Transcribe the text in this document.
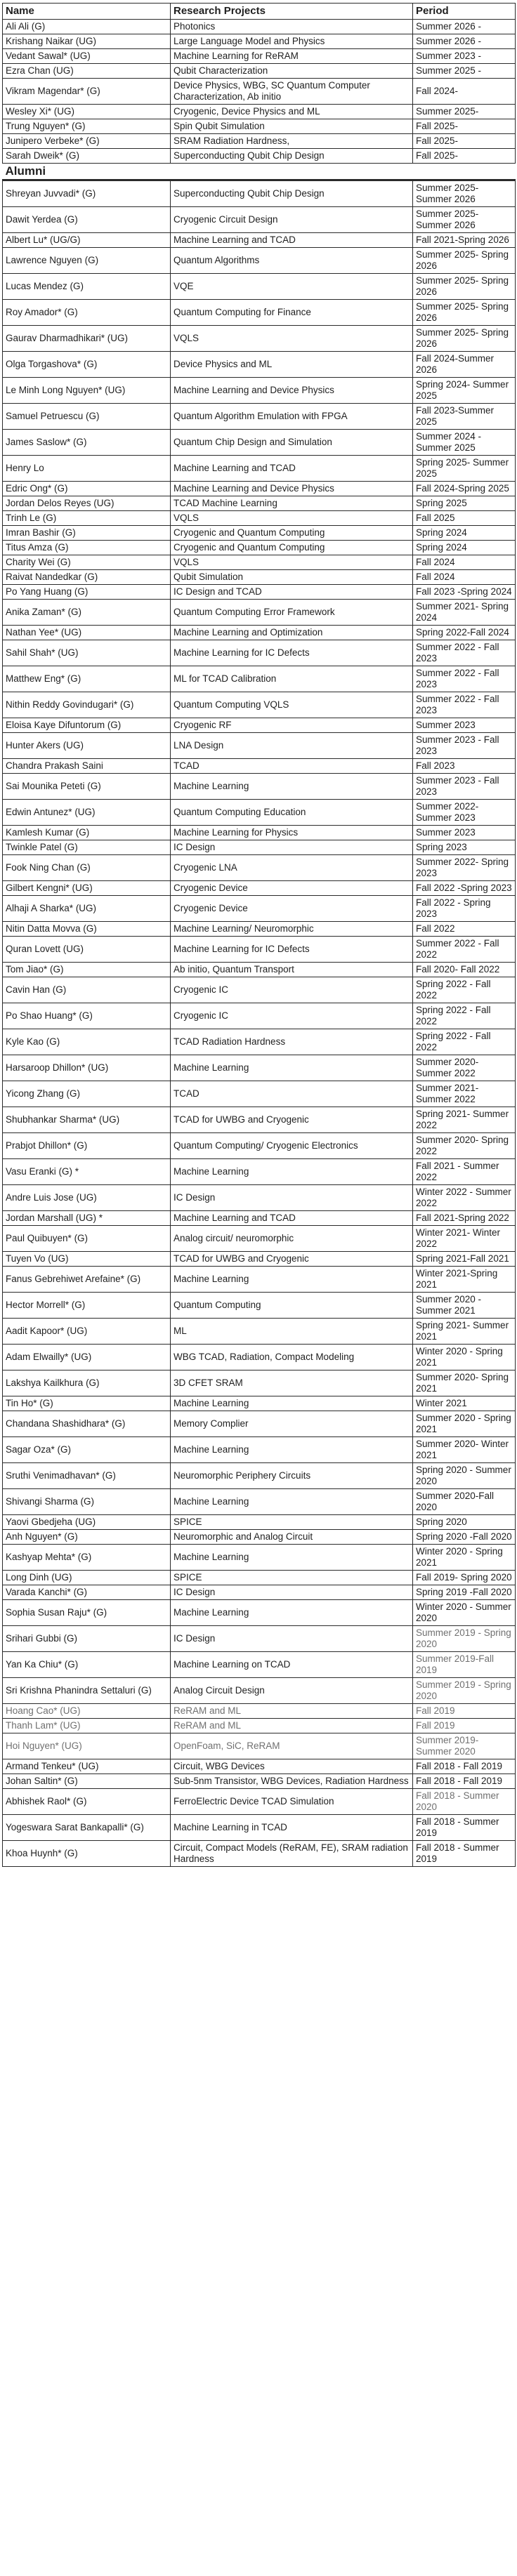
Name	Research Projects	Period
Ali Ali (G)	Photonics	Summer 2026 -
Krishang Naikar (UG)	Large Language Model and Physics	Summer 2026 -
Vedant Sawal* (UG)	Machine Learning for ReRAM	Summer 2023 -
Ezra Chan (UG)	Qubit Characterization	Summer 2025 -
Vikram Magendar* (G)	Device Physics, WBG, SC Quantum Computer Characterization, Ab initio	Fall 2024-
Wesley Xi* (UG)	Cryogenic, Device Physics and ML	Summer 2025-
Trung Nguyen* (G)	Spin Qubit Simulation	Fall 2025-
Junipero Verbeke* (G)	SRAM Radiation Hardness,	Fall 2025-
Sarah Dweik* (G)	Superconducting Qubit Chip Design	Fall 2025-
Alumni		
Shreyan Juvvadi* (G)	Superconducting Qubit Chip Design	Summer 2025- Summer 2026
Dawit Yerdea (G)	Cryogenic Circuit Design	Summer 2025- Summer 2026
Albert Lu* (UG/G)	Machine Learning and TCAD	Fall 2021-Spring 2026
Lawrence Nguyen (G)	Quantum Algorithms	Summer 2025- Spring 2026
Lucas Mendez (G)	VQE	Summer 2025- Spring 2026
Roy Amador* (G)	Quantum Computing for Finance	Summer 2025- Spring 2026
Gaurav Dharmadhikari* (UG)	VQLS	Summer 2025- Spring 2026
Olga Torgashova* (G)	Device Physics and ML	Fall 2024-Summer 2026
Le Minh Long Nguyen* (UG)	Machine Learning and Device Physics	Spring 2024- Summer 2025
Samuel Petruescu (G)	Quantum Algorithm Emulation with FPGA	Fall 2023-Summer 2025
James Saslow* (G)	Quantum Chip Design and Simulation	Summer 2024 - Summer 2025
Henry Lo	Machine Learning and TCAD	Spring 2025- Summer 2025
Edric Ong* (G)	Machine Learning and Device Physics	Fall 2024-Spring 2025
Jordan Delos Reyes (UG)	TCAD Machine Learning	Spring 2025
Trinh Le (G)	VQLS	Fall 2025
Imran Bashir (G)	Cryogenic and Quantum Computing	Spring 2024
Titus Amza (G)	Cryogenic and Quantum Computing	Spring 2024
Charity Wei (G)	VQLS	Fall 2024
Raivat Nandedkar (G)	Qubit Simulation	Fall 2024
Po Yang Huang (G)	IC Design and TCAD	Fall 2023 -Spring 2024
Anika Zaman* (G)	Quantum Computing Error Framework	Summer 2021- Spring 2024
Nathan Yee* (UG)	Machine Learning and Optimization	Spring 2022-Fall 2024
Sahil Shah* (UG)	Machine Learning for IC Defects	Summer 2022 - Fall 2023
Matthew Eng* (G)	ML for TCAD Calibration	Summer 2022 - Fall 2023
Nithin Reddy Govindugari* (G)	Quantum Computing VQLS	Summer 2022 - Fall 2023
Eloisa Kaye Difuntorum (G)	Cryogenic RF	Summer 2023
Hunter Akers (UG)	LNA Design	Summer 2023 - Fall 2023
Chandra Prakash Saini	TCAD	Fall 2023
Sai Mounika Peteti (G)	Machine Learning	Summer 2023 - Fall 2023
Edwin Antunez* (UG)	Quantum Computing Education	Summer 2022- Summer 2023
Kamlesh Kumar (G)	Machine Learning for Physics	Summer 2023
Twinkle Patel (G)	IC Design	Spring 2023
Fook Ning Chan (G)	Cryogenic LNA	Summer 2022- Spring 2023
Gilbert Kengni* (UG)	Cryogenic Device	Fall 2022 -Spring 2023
Alhaji A Sharka* (UG)	Cryogenic Device	Fall 2022 - Spring 2023
Nitin Datta Movva (G)	Machine Learning/ Neuromorphic	Fall 2022
Quran Lovett (UG)	Machine Learning for IC Defects	Summer 2022 - Fall 2022
Tom Jiao* (G)	Ab initio, Quantum Transport	Fall 2020- Fall 2022
Cavin Han (G)	Cryogenic IC	Spring 2022 - Fall 2022
Po Shao Huang* (G)	Cryogenic IC	Spring 2022 - Fall 2022
Kyle Kao (G)	TCAD Radiation Hardness	Spring 2022 - Fall 2022
Harsaroop Dhillon* (UG)	Machine Learning	Summer 2020- Summer 2022
Yicong Zhang (G)	TCAD	Summer 2021- Summer 2022
Shubhankar Sharma* (UG)	TCAD for UWBG and Cryogenic	Spring 2021- Summer 2022
Prabjot Dhillon* (G)	Quantum Computing/ Cryogenic Electronics	Summer 2020- Spring 2022
Vasu Eranki (G) *	Machine Learning	Fall 2021 - Summer 2022
Andre Luis Jose (UG)	IC Design	Winter 2022 - Summer 2022
Jordan Marshall (UG) *	Machine Learning and TCAD	Fall 2021-Spring 2022
Paul Quibuyen* (G)	Analog circuit/ neuromorphic	Winter 2021- Winter 2022
Tuyen Vo (UG)	TCAD for UWBG and Cryogenic	Spring 2021-Fall 2021
Fanus Gebrehiwet Arefaine* (G)	Machine Learning	Winter 2021-Spring 2021
Hector Morrell* (G)	Quantum Computing	Summer 2020 - Summer 2021
Aadit Kapoor* (UG)	ML	Spring 2021- Summer 2021
Adam Elwailly* (UG)	WBG TCAD, Radiation, Compact Modeling	Winter 2020 - Spring 2021
Lakshya Kailkhura (G)	3D CFET SRAM	Summer 2020- Spring 2021
Tin Ho* (G)	Machine Learning	Winter 2021
Chandana Shashidhara* (G)	Memory Complier	Summer 2020 - Spring 2021
Sagar Oza* (G)	Machine Learning	Summer 2020- Winter 2021
Sruthi Venimadhavan* (G)	Neuromorphic Periphery Circuits	Spring 2020 - Summer 2020
Shivangi Sharma (G)	Machine Learning	Summer 2020-Fall 2020
Yaovi Gbedjeha (UG)	SPICE	Spring 2020
Anh Nguyen* (G)	Neuromorphic and Analog Circuit	Spring 2020 -Fall 2020
Kashyap Mehta* (G)	Machine Learning	Winter 2020 - Spring 2021
Long Dinh (UG)	SPICE	Fall 2019- Spring 2020
Varada Kanchi* (G)	IC Design	Spring 2019 -Fall 2020
Sophia Susan Raju* (G)	Machine Learning	Winter 2020 - Summer 2020
Srihari Gubbi (G)	IC Design	Summer 2019 - Spring 2020
Yan Ka Chiu* (G)	Machine Learning on TCAD	Summer 2019-Fall 2019
Sri Krishna Phanindra Settaluri (G)	Analog Circuit Design	Summer 2019 - Spring 2020
Hoang Cao* (UG)	ReRAM and ML	Fall 2019
Thanh Lam* (UG)	ReRAM and ML	Fall 2019
Hoi Nguyen* (UG)	OpenFoam, SiC, ReRAM	Summer 2019- Summer 2020
Armand Tenkeu* (UG)	Circuit, WBG Devices	Fall 2018 - Fall 2019
Johan Saltin* (G)	Sub-5nm Transistor, WBG Devices, Radiation Hardness	Fall 2018 - Fall 2019
Abhishek Raol* (G)	FerroElectric Device TCAD Simulation	Fall 2018 - Summer 2020
Yogeswara Sarat Bankapalli* (G)	Machine Learning in TCAD	Fall 2018 - Summer 2019
Khoa Huynh* (G)	Circuit, Compact Models (ReRAM, FE), SRAM radiation Hardness	Fall 2018 - Summer 2019
